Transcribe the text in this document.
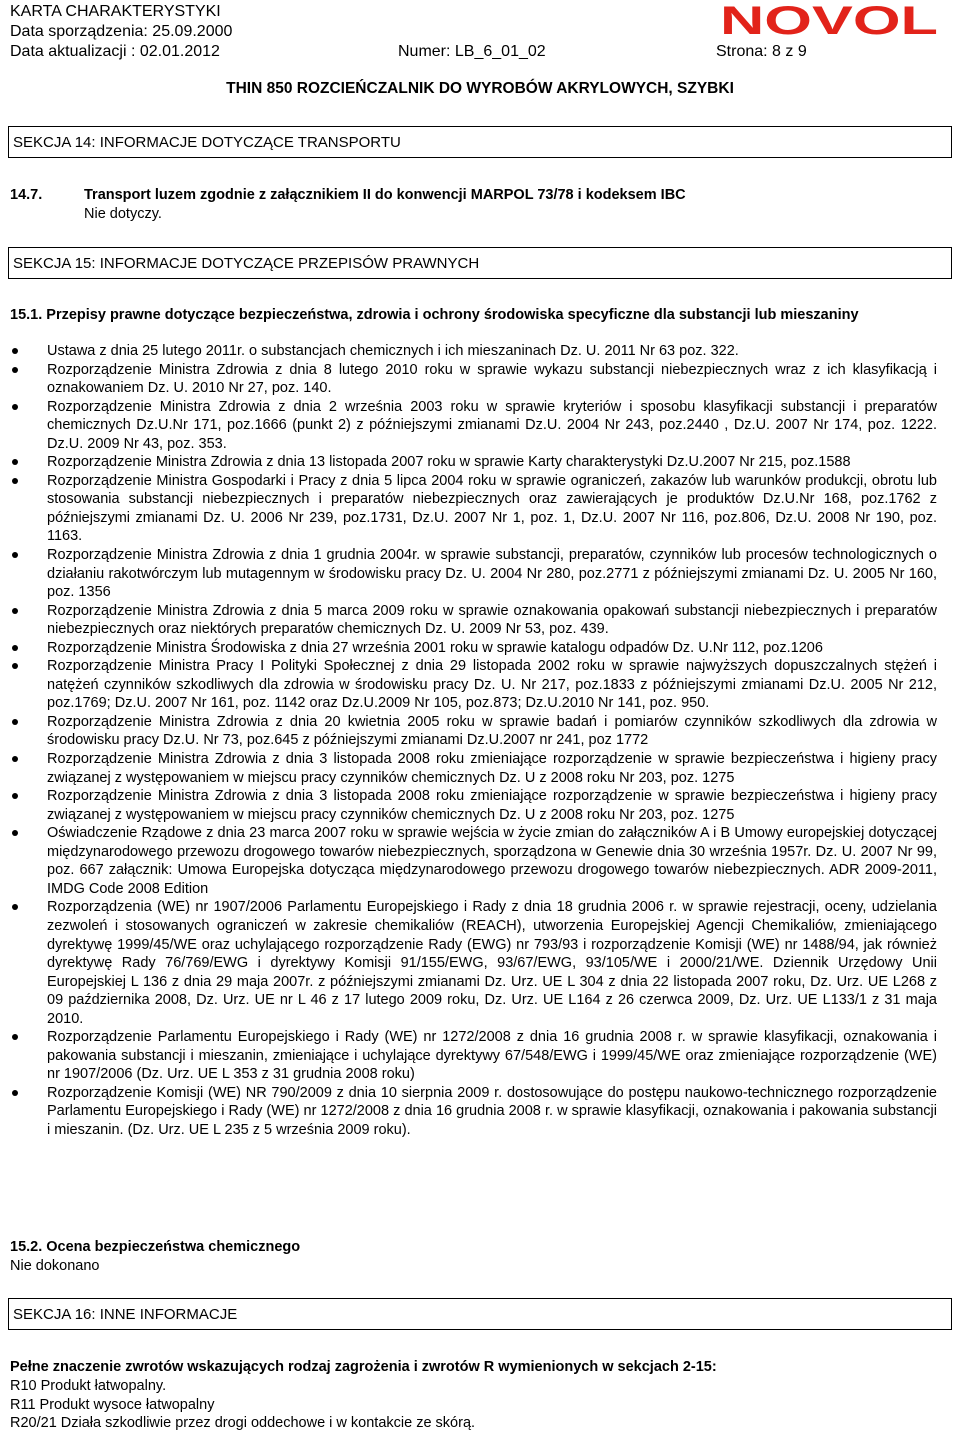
KARTA CHARAKTERYSTYKI
Data sporządzenia: 25.09.2000
Data aktualizacji : 02.01.2012	Numer: LB_6_01_02	Strona: 8 z 9
NOVOL
THIN 850 ROZCIEŃCZALNIK DO WYROBÓW AKRYLOWYCH, SZYBKI
SEKCJA 14: INFORMACJE DOTYCZĄCE TRANSPORTU
14.7.	Transport luzem zgodnie z załącznikiem II do konwencji MARPOL 73/78 i kodeksem IBC
Nie dotyczy.
SEKCJA 15: INFORMACJE DOTYCZĄCE PRZEPISÓW PRAWNYCH
15.1. Przepisy prawne dotyczące bezpieczeństwa, zdrowia i ochrony środowiska specyficzne dla substancji lub mieszaniny
Ustawa z dnia 25 lutego 2011r. o substancjach chemicznych i ich mieszaninach Dz. U. 2011 Nr 63 poz. 322.
Rozporządzenie Ministra Zdrowia z dnia 8 lutego 2010 roku w sprawie wykazu substancji niebezpiecznych wraz z ich klasyfikacją i oznakowaniem Dz. U. 2010 Nr 27, poz. 140.
Rozporządzenie Ministra Zdrowia z dnia 2 września 2003 roku w sprawie kryteriów i sposobu klasyfikacji substancji i preparatów chemicznych Dz.U.Nr 171, poz.1666 (punkt 2) z późniejszymi zmianami Dz.U. 2004 Nr 243, poz.2440 , Dz.U. 2007 Nr 174, poz. 1222. Dz.U. 2009 Nr 43, poz. 353.
Rozporządzenie Ministra Zdrowia z dnia 13 listopada 2007 roku w sprawie Karty charakterystyki Dz.U.2007 Nr 215, poz.1588
Rozporządzenie Ministra Gospodarki i Pracy z dnia 5 lipca 2004 roku w sprawie ograniczeń, zakazów lub warunków produkcji, obrotu lub stosowania substancji niebezpiecznych i preparatów niebezpiecznych oraz zawierających je produktów Dz.U.Nr 168, poz.1762 z późniejszymi zmianami Dz. U. 2006 Nr 239, poz.1731, Dz.U. 2007 Nr 1, poz. 1, Dz.U. 2007 Nr 116, poz.806, Dz.U. 2008 Nr 190, poz. 1163.
Rozporządzenie Ministra Zdrowia z dnia 1 grudnia 2004r. w sprawie substancji, preparatów, czynników lub procesów technologicznych o działaniu rakotwórczym lub mutagennym w środowisku pracy Dz. U. 2004 Nr 280, poz.2771 z późniejszymi zmianami Dz. U. 2005 Nr 160, poz. 1356
Rozporządzenie Ministra Zdrowia z dnia 5 marca 2009 roku w sprawie oznakowania opakowań substancji niebezpiecznych i preparatów niebezpiecznych oraz niektórych preparatów chemicznych Dz. U. 2009 Nr 53, poz. 439.
Rozporządzenie Ministra Środowiska z dnia 27 września 2001 roku w sprawie katalogu odpadów Dz. U.Nr 112, poz.1206
Rozporządzenie Ministra Pracy I Polityki Społecznej z dnia 29 listopada 2002 roku w sprawie najwyższych dopuszczalnych stężeń i natężeń czynników szkodliwych dla zdrowia w środowisku pracy Dz. U. Nr 217, poz.1833 z późniejszymi zmianami Dz.U. 2005 Nr 212, poz.1769; Dz.U. 2007 Nr 161, poz. 1142 oraz Dz.U.2009 Nr 105, poz.873; Dz.U.2010 Nr 141, poz. 950.
Rozporządzenie Ministra Zdrowia z dnia 20 kwietnia 2005 roku w sprawie badań i pomiarów czynników szkodliwych dla zdrowia w środowisku pracy Dz.U. Nr 73, poz.645 z późniejszymi zmianami Dz.U.2007 nr 241, poz 1772
Rozporządzenie Ministra Zdrowia z dnia 3 listopada 2008 roku zmieniające rozporządzenie w sprawie bezpieczeństwa i higieny pracy związanej z występowaniem w miejscu pracy czynników chemicznych Dz. U z 2008 roku Nr 203, poz. 1275
Rozporządzenie Ministra Zdrowia z dnia 3 listopada 2008 roku zmieniające rozporządzenie w sprawie bezpieczeństwa i higieny pracy związanej z występowaniem w miejscu pracy czynników chemicznych Dz. U z 2008 roku Nr 203, poz. 1275
Oświadczenie Rządowe z dnia 23 marca 2007 roku w sprawie wejścia w życie zmian do załączników A i B Umowy europejskiej dotyczącej międzynarodowego przewozu drogowego towarów niebezpiecznych, sporządzona w Genewie dnia 30 września 1957r. Dz. U. 2007 Nr 99, poz. 667 załącznik: Umowa Europejska dotycząca międzynarodowego przewozu drogowego towarów niebezpiecznych. ADR 2009-2011, IMDG Code 2008 Edition
Rozporządzenia (WE) nr 1907/2006 Parlamentu Europejskiego i Rady z dnia 18 grudnia 2006 r. w sprawie rejestracji, oceny, udzielania zezwoleń i stosowanych ograniczeń w zakresie chemikaliów (REACH), utworzenia Europejskiej Agencji Chemikaliów, zmieniającego dyrektywę 1999/45/WE oraz uchylającego rozporządzenie Rady (EWG) nr 793/93 i rozporządzenie Komisji (WE) nr 1488/94, jak również dyrektywę Rady 76/769/EWG i dyrektywy Komisji 91/155/EWG, 93/67/EWG, 93/105/WE i 2000/21/WE. Dziennik Urzędowy Unii Europejskiej L 136 z dnia 29 maja 2007r. z późniejszymi zmianami Dz. Urz. UE L 304 z dnia 22 listopada 2007 roku, Dz. Urz. UE L268 z 09 października 2008, Dz. Urz. UE nr L 46 z 17 lutego 2009 roku, Dz. Urz. UE L164 z 26 czerwca 2009, Dz. Urz. UE L133/1 z 31 maja 2010.
Rozporządzenie Parlamentu Europejskiego i Rady (WE) nr 1272/2008 z dnia 16 grudnia 2008 r. w sprawie klasyfikacji, oznakowania i pakowania substancji i mieszanin, zmieniające i uchylające dyrektywy 67/548/EWG i 1999/45/WE oraz zmieniające rozporządzenie (WE) nr 1907/2006 (Dz. Urz. UE L 353 z 31 grudnia 2008 roku)
Rozporządzenie Komisji (WE) NR 790/2009 z dnia 10 sierpnia 2009 r. dostosowujące do postępu naukowo-technicznego rozporządzenie Parlamentu Europejskiego i Rady (WE) nr 1272/2008 z dnia 16 grudnia 2008 r. w sprawie klasyfikacji, oznakowania i pakowania substancji i mieszanin. (Dz. Urz. UE L 235 z 5 września 2009 roku).
15.2. Ocena bezpieczeństwa chemicznego
Nie dokonano
SEKCJA 16: INNE INFORMACJE
Pełne znaczenie zwrotów wskazujących rodzaj zagrożenia i zwrotów R wymienionych w sekcjach 2-15:
R10 Produkt łatwopalny.
R11 Produkt wysoce łatwopalny
R20/21 Działa szkodliwie przez drogi oddechowe i w kontakcie ze skórą.
